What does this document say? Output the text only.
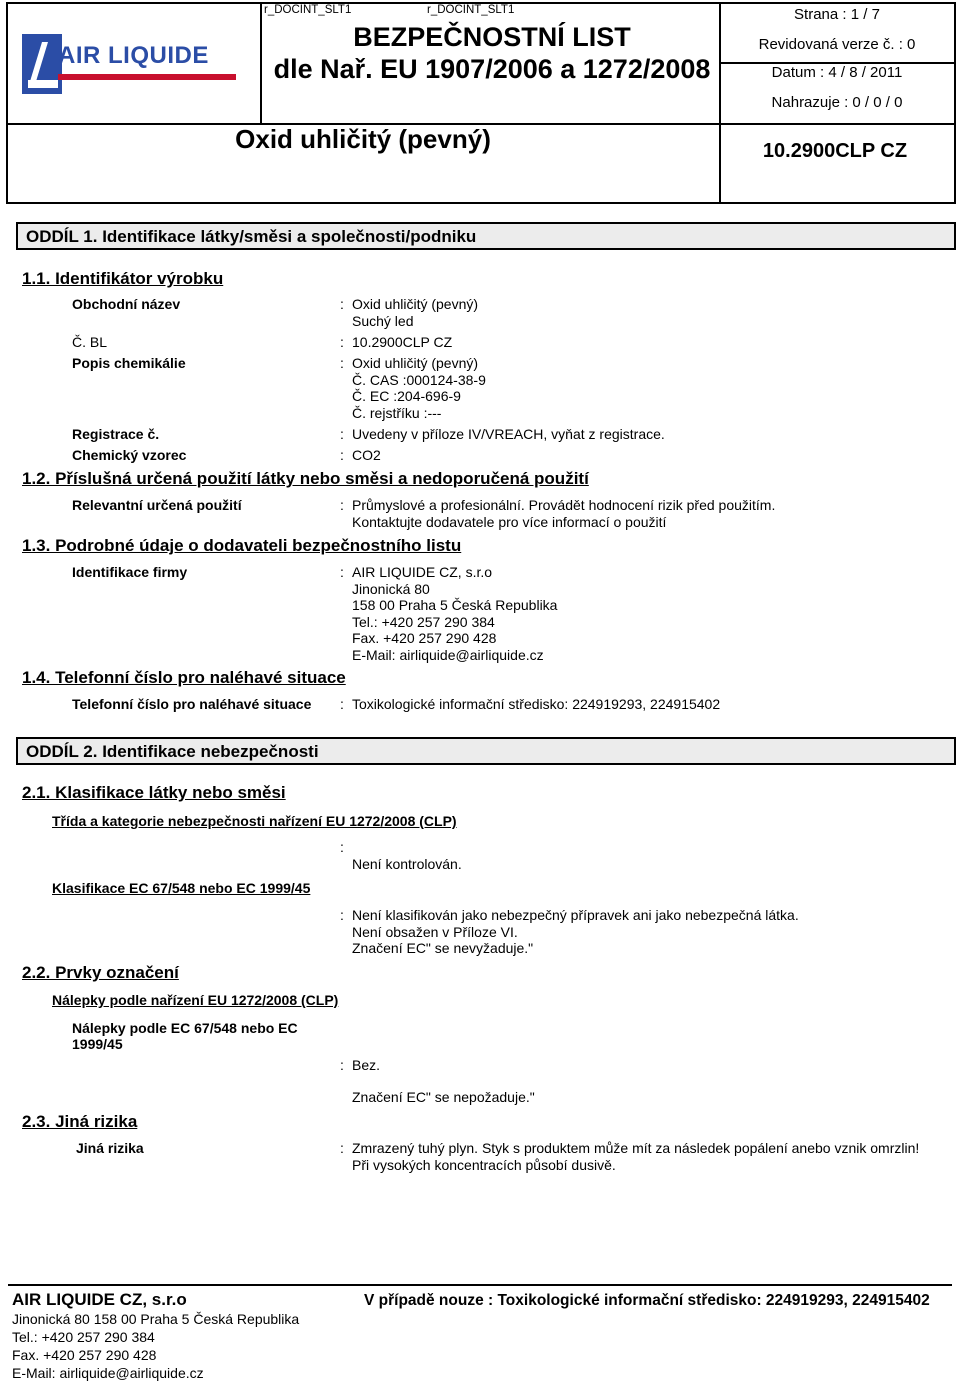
AIR LIQUIDE
r_DOCINT_SLT1	r_DOCINT_SLT1
BEZPEČNOSTNÍ LIST
dle Nař. EU 1907/2006 a 1272/2008
Strana : 1 / 7
Revidovaná verze č. : 0
Datum : 4 / 8 / 2011
Nahrazuje : 0 / 0 / 0
Oxid uhličitý (pevný)	10.2900CLP CZ
ODDÍL 1. Identifikace látky/směsi a společnosti/podniku
1.1. Identifikátor výrobku
Obchodní název	: Oxid uhličitý (pevný)
Suchý led
Č. BL	: 10.2900CLP CZ
Popis chemikálie	: Oxid uhličitý (pevný)
Č. CAS :000124-38-9
Č. EC :204-696-9
Č. rejstříku :---
Registrace č.	: Uvedeny v příloze IV/VREACH, vyňat z registrace.
Chemický vzorec	: CO2
1.2. Příslušná určená použití látky nebo směsi a nedoporučená použití
Relevantní určená použití	: Průmyslové a profesionální. Provádět hodnocení rizik před použitím.
Kontaktujte dodavatele pro více informací o použití
1.3. Podrobné údaje o dodavateli bezpečnostního listu
Identifikace firmy	: AIR LIQUIDE CZ, s.r.o
Jinonická 80
158 00 Praha 5 Česká Republika
Tel.: +420 257 290 384
Fax. +420 257 290 428
E-Mail: airliquide@airliquide.cz
1.4. Telefonní číslo pro naléhavé situace
Telefonní číslo pro naléhavé situace : Toxikologické informační středisko: 224919293, 224915402
ODDÍL 2. Identifikace nebezpečnosti
2.1. Klasifikace látky nebo směsi
Třída a kategorie nebezpečnosti nařízení EU 1272/2008 (CLP)
:
Není kontrolován.
Klasifikace EC 67/548 nebo EC 1999/45
: Není klasifikován jako nebezpečný přípravek ani jako nebezpečná látka.
Není obsažen v Příloze VI.
Značení EC" se nevyžaduje."
2.2. Prvky označení
Nálepky podle nařízení EU 1272/2008 (CLP)
Nálepky podle EC 67/548 nebo EC
1999/45
: Bez.
Značení EC" se nepožaduje."
2.3. Jiná rizika
Jiná rizika	: Zmrazený tuhý plyn. Styk s produktem může mít za následek popálení anebo vznik omrzlin!
Při vysokých koncentracích působí dusivě.
AIR LIQUIDE CZ, s.r.o	V případě nouze : Toxikologické informační středisko: 224919293, 224915402
Jinonická 80 158 00 Praha 5 Česká Republika
Tel.: +420 257 290 384
Fax. +420 257 290 428
E-Mail: airliquide@airliquide.cz
